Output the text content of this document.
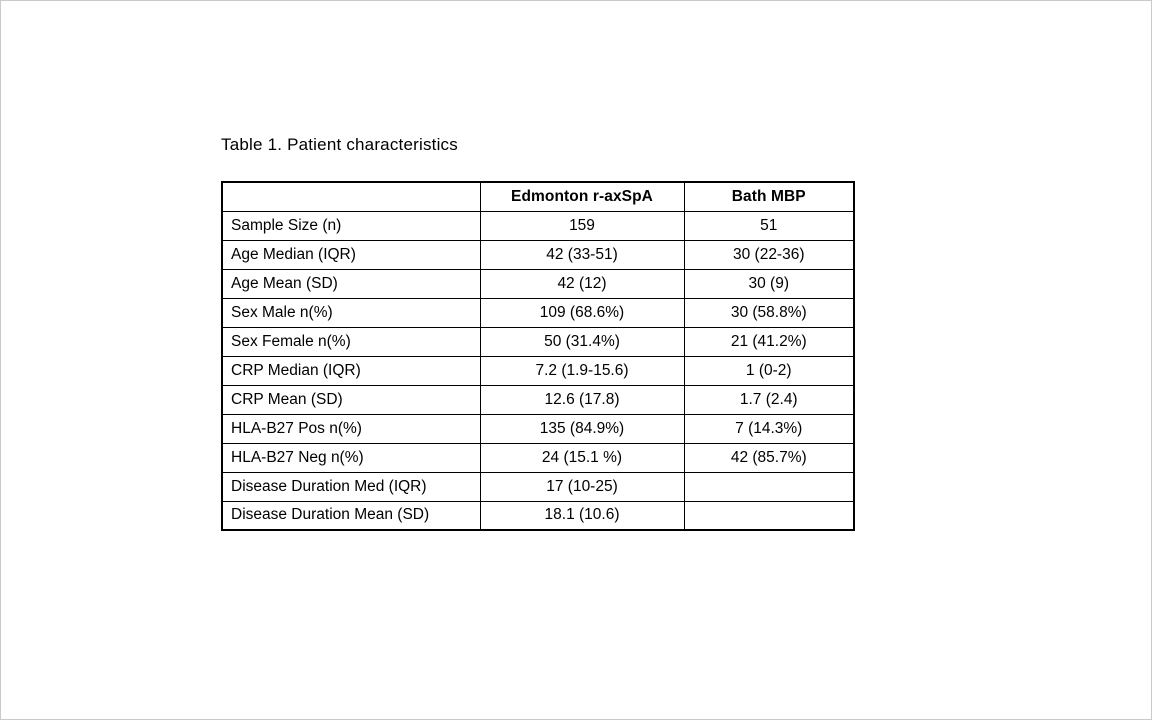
Table 1. Patient characteristics
	Edmonton r-axSpA	Bath MBP
Sample Size (n)	159	51
Age Median (IQR)	42 (33-51)	30 (22-36)
Age Mean (SD)	42 (12)	30 (9)
Sex Male n(%)	109 (68.6%)	30 (58.8%)
Sex Female n(%)	50 (31.4%)	21 (41.2%)
CRP Median (IQR)	7.2 (1.9-15.6)	1 (0-2)
CRP Mean (SD)	12.6 (17.8)	1.7 (2.4)
HLA-B27 Pos n(%)	135 (84.9%)	7 (14.3%)
HLA-B27 Neg n(%)	24 (15.1 %)	42 (85.7%)
Disease Duration Med (IQR)	17 (10-25)	
Disease Duration Mean (SD)	18.1 (10.6)	
